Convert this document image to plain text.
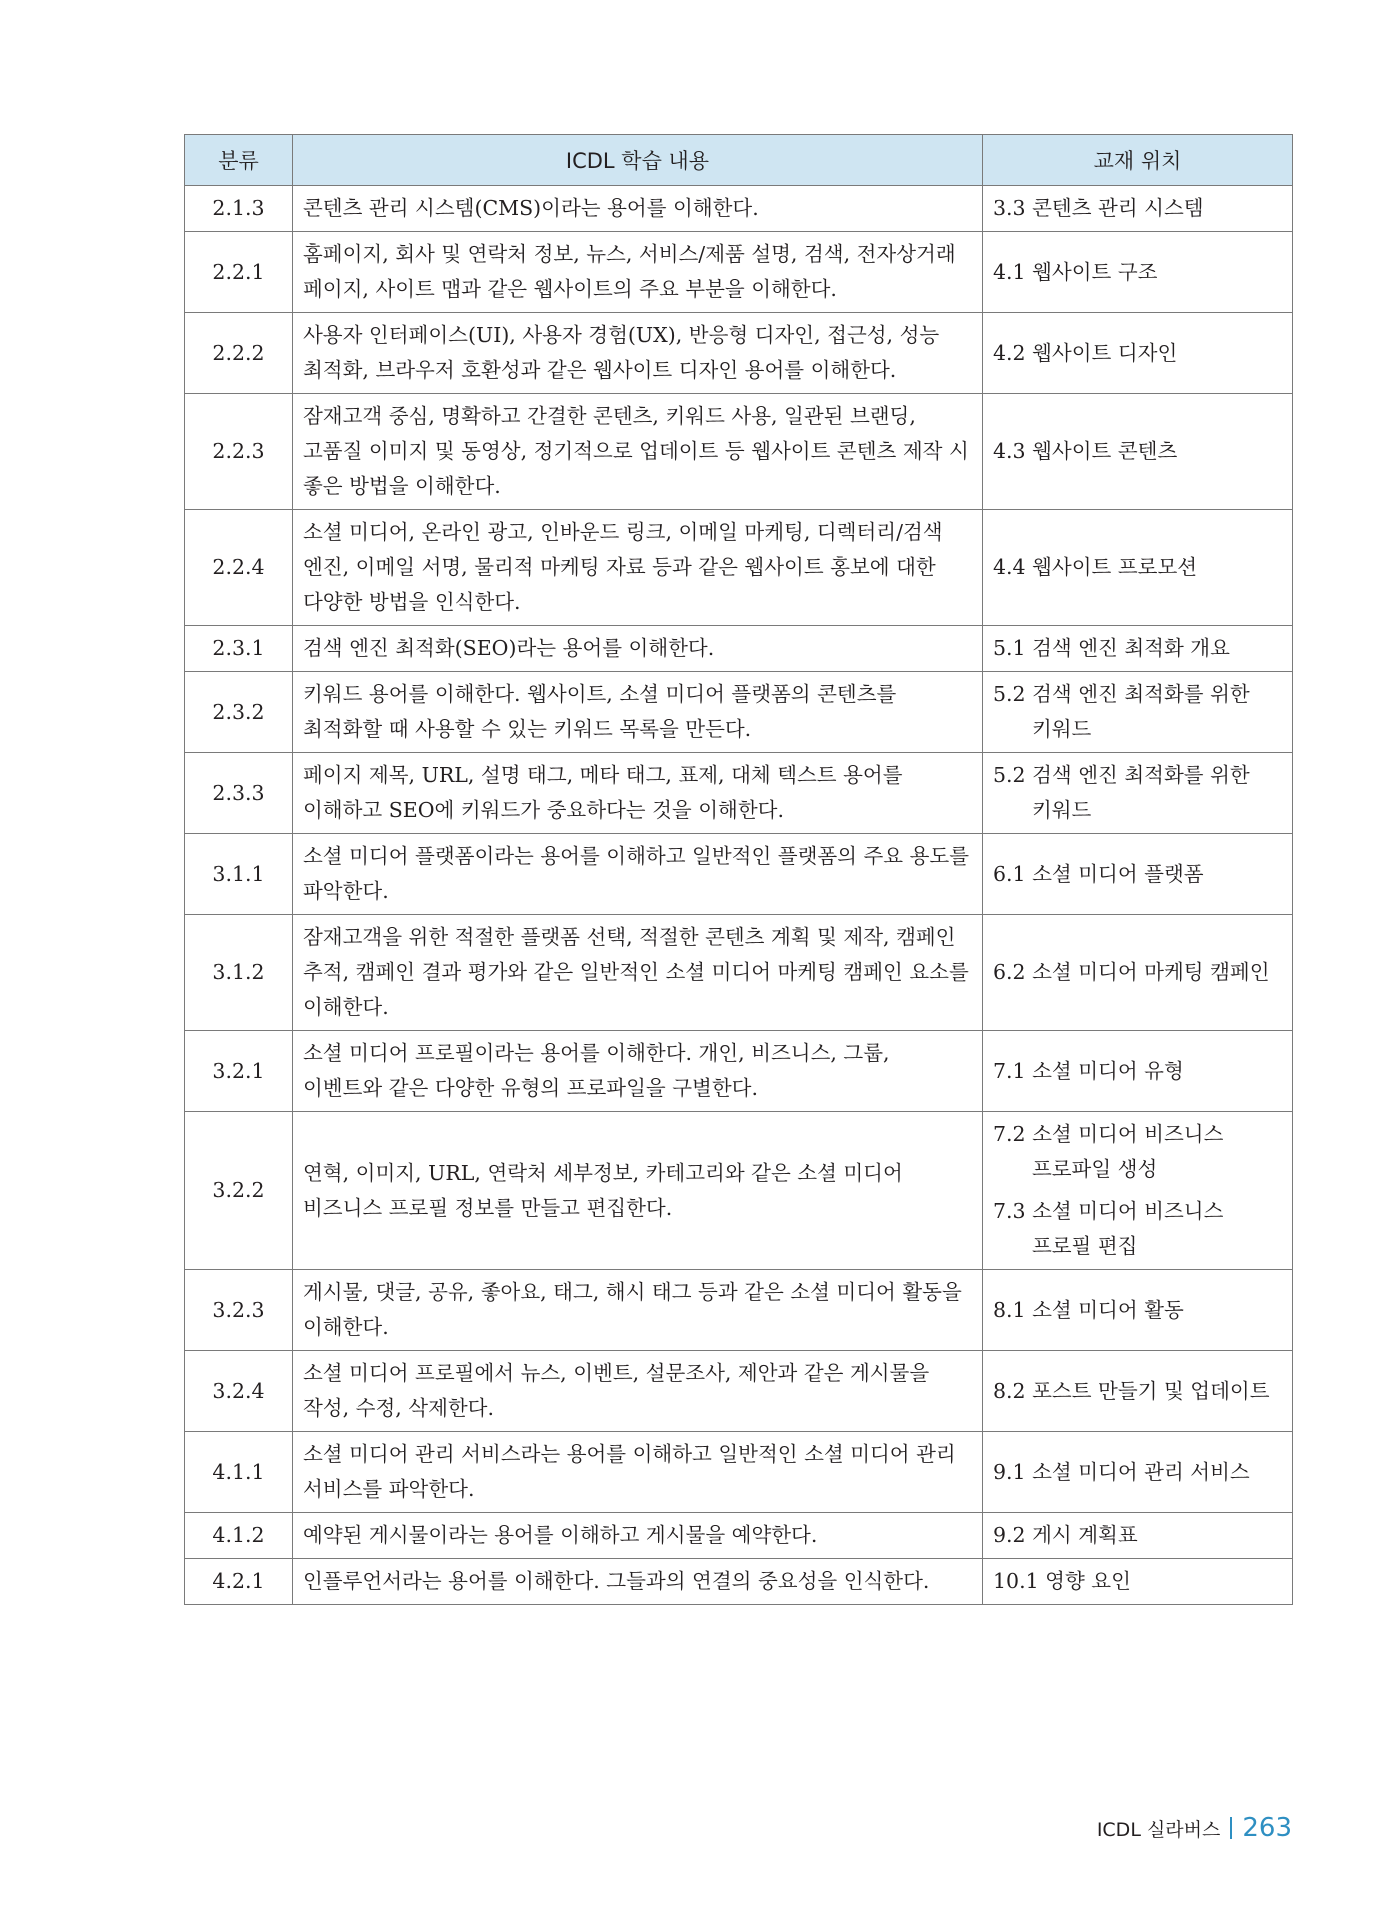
분류	ICDL 학습 내용	교재 위치
2.1.3	콘텐츠 관리 시스템(CMS)이라는 용어를 이해한다.	3.3 콘텐츠 관리 시스템

2.2.1	홈페이지, 회사 및 연락처 정보, 뉴스, 서비스/제품 설명, 검색, 전자상거래 페이지, 사이트 맵과 같은 웹사이트의 주요 부분을 이해한다.	4.1 웹사이트 구조

2.2.2	사용자 인터페이스(UI), 사용자 경험(UX), 반응형 디자인, 접근성, 성능 최적화, 브라우저 호환성과 같은 웹사이트 디자인 용어를 이해한다.	4.2 웹사이트 디자인

2.2.3	잠재고객 중심, 명확하고 간결한 콘텐츠, 키워드 사용, 일관된 브랜딩, 고품질 이미지 및 동영상, 정기적으로 업데이트 등 웹사이트 콘텐츠 제작 시 좋은 방법을 이해한다.	4.3 웹사이트 콘텐츠

2.2.4	소셜 미디어, 온라인 광고, 인바운드 링크, 이메일 마케팅, 디렉터리/검색 엔진, 이메일 서명, 물리적 마케팅 자료 등과 같은 웹사이트 홍보에 대한 다양한 방법을 인식한다.	4.4 웹사이트 프로모션

2.3.1	검색 엔진 최적화(SEO)라는 용어를 이해한다.	5.1 검색 엔진 최적화 개요

2.3.2	키워드 용어를 이해한다. 웹사이트, 소셜 미디어 플랫폼의 콘텐츠를 최적화할 때 사용할 수 있는 키워드 목록을 만든다.	5.2 검색 엔진 최적화를 위한 키워드

2.3.3	페이지 제목, URL, 설명 태그, 메타 태그, 표제, 대체 텍스트 용어를 이해하고 SEO에 키워드가 중요하다는 것을 이해한다.	5.2 검색 엔진 최적화를 위한 키워드

3.1.1	소셜 미디어 플랫폼이라는 용어를 이해하고 일반적인 플랫폼의 주요 용도를 파악한다.	6.1 소셜 미디어 플랫폼

3.1.2	잠재고객을 위한 적절한 플랫폼 선택, 적절한 콘텐츠 계획 및 제작, 캠페인 추적, 캠페인 결과 평가와 같은 일반적인 소셜 미디어 마케팅 캠페인 요소를 이해한다.	6.2 소셜 미디어 마케팅 캠페인

3.2.1	소셜 미디어 프로필이라는 용어를 이해한다. 개인, 비즈니스, 그룹, 이벤트와 같은 다양한 유형의 프로파일을 구별한다.	7.1 소셜 미디어 유형

3.2.2	연혁, 이미지, URL, 연락처 세부정보, 카테고리와 같은 소셜 미디어 비즈니스 프로필 정보를 만들고 편집한다.	7.2 소셜 미디어 비즈니스 프로파일 생성
7.3 소셜 미디어 비즈니스 프로필 편집

3.2.3	게시물, 댓글, 공유, 좋아요, 태그, 해시 태그 등과 같은 소셜 미디어 활동을 이해한다.	8.1 소셜 미디어 활동

3.2.4	소셜 미디어 프로필에서 뉴스, 이벤트, 설문조사, 제안과 같은 게시물을 작성, 수정, 삭제한다.	8.2 포스트 만들기 및 업데이트

4.1.1	소셜 미디어 관리 서비스라는 용어를 이해하고 일반적인 소셜 미디어 관리 서비스를 파악한다.	9.1 소셜 미디어 관리 서비스

4.1.2	예약된 게시물이라는 용어를 이해하고 게시물을 예약한다.	9.2 게시 계획표

4.2.1	인플루언서라는 용어를 이해한다. 그들과의 연결의 중요성을 인식한다.	10.1 영향 요인
ICDL 실라버스 263
